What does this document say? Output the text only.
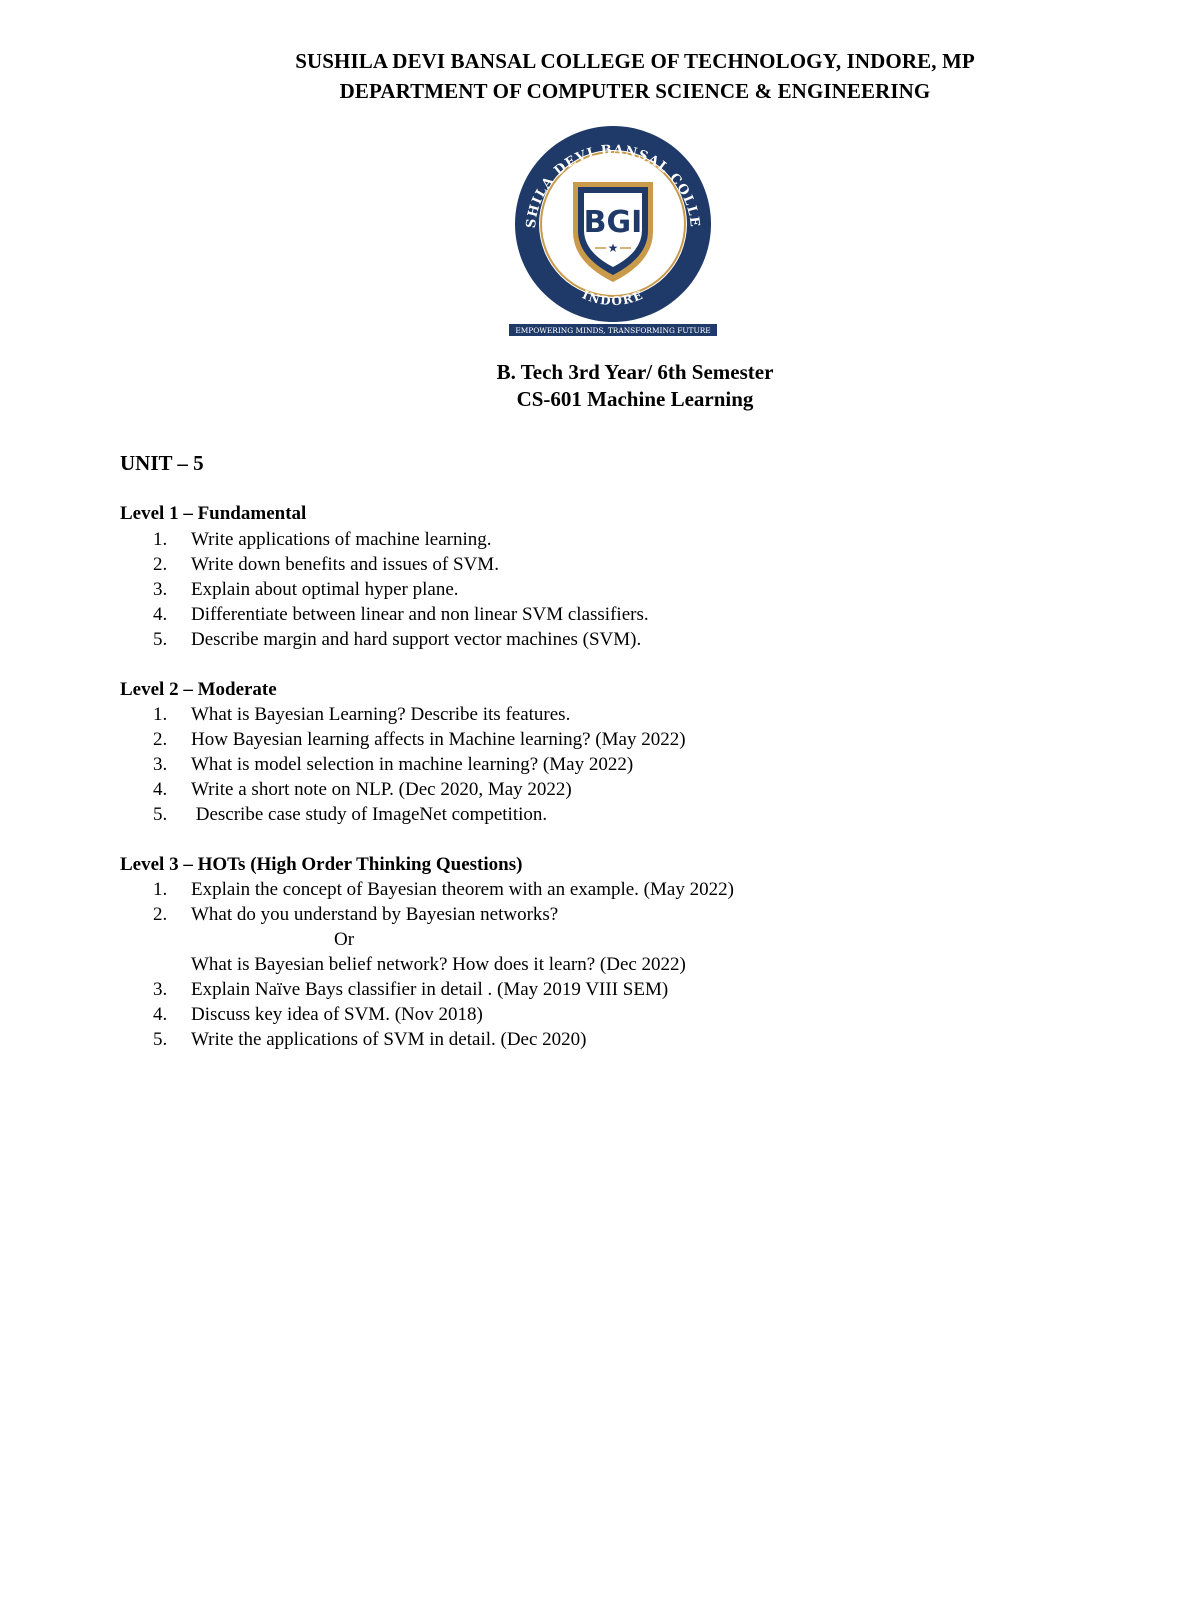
SUSHILA DEVI BANSAL COLLEGE OF TECHNOLOGY, INDORE, MP
DEPARTMENT OF COMPUTER SCIENCE & ENGINEERING
SHILA DEVI BANSAL COLLE
INDORE
BGI
★
EMPOWERING MINDS, TRANSFORMING FUTURE
B. Tech 3rd Year/ 6th Semester
CS-601 Machine Learning
UNIT – 5
Level 1 – Fundamental
1. Write applications of machine learning.
2. Write down benefits and issues of SVM.
3. Explain about optimal hyper plane.
4. Differentiate between linear and non linear SVM classifiers.
5. Describe margin and hard support vector machines (SVM).
Level 2 – Moderate
1. What is Bayesian Learning? Describe its features.
2. How Bayesian learning affects in Machine learning? (May 2022)
3. What is model selection in machine learning? (May 2022)
4. Write a short note on NLP. (Dec 2020, May 2022)
5. Describe case study of ImageNet competition.
Level 3 – HOTs (High Order Thinking Questions)
1. Explain the concept of Bayesian theorem with an example. (May 2022)
2. What do you understand by Bayesian networks?
Or
What is Bayesian belief network? How does it learn? (Dec 2022)
3. Explain Naïve Bays classifier in detail . (May 2019 VIII SEM)
4. Discuss key idea of SVM. (Nov 2018)
5. Write the applications of SVM in detail. (Dec 2020)
